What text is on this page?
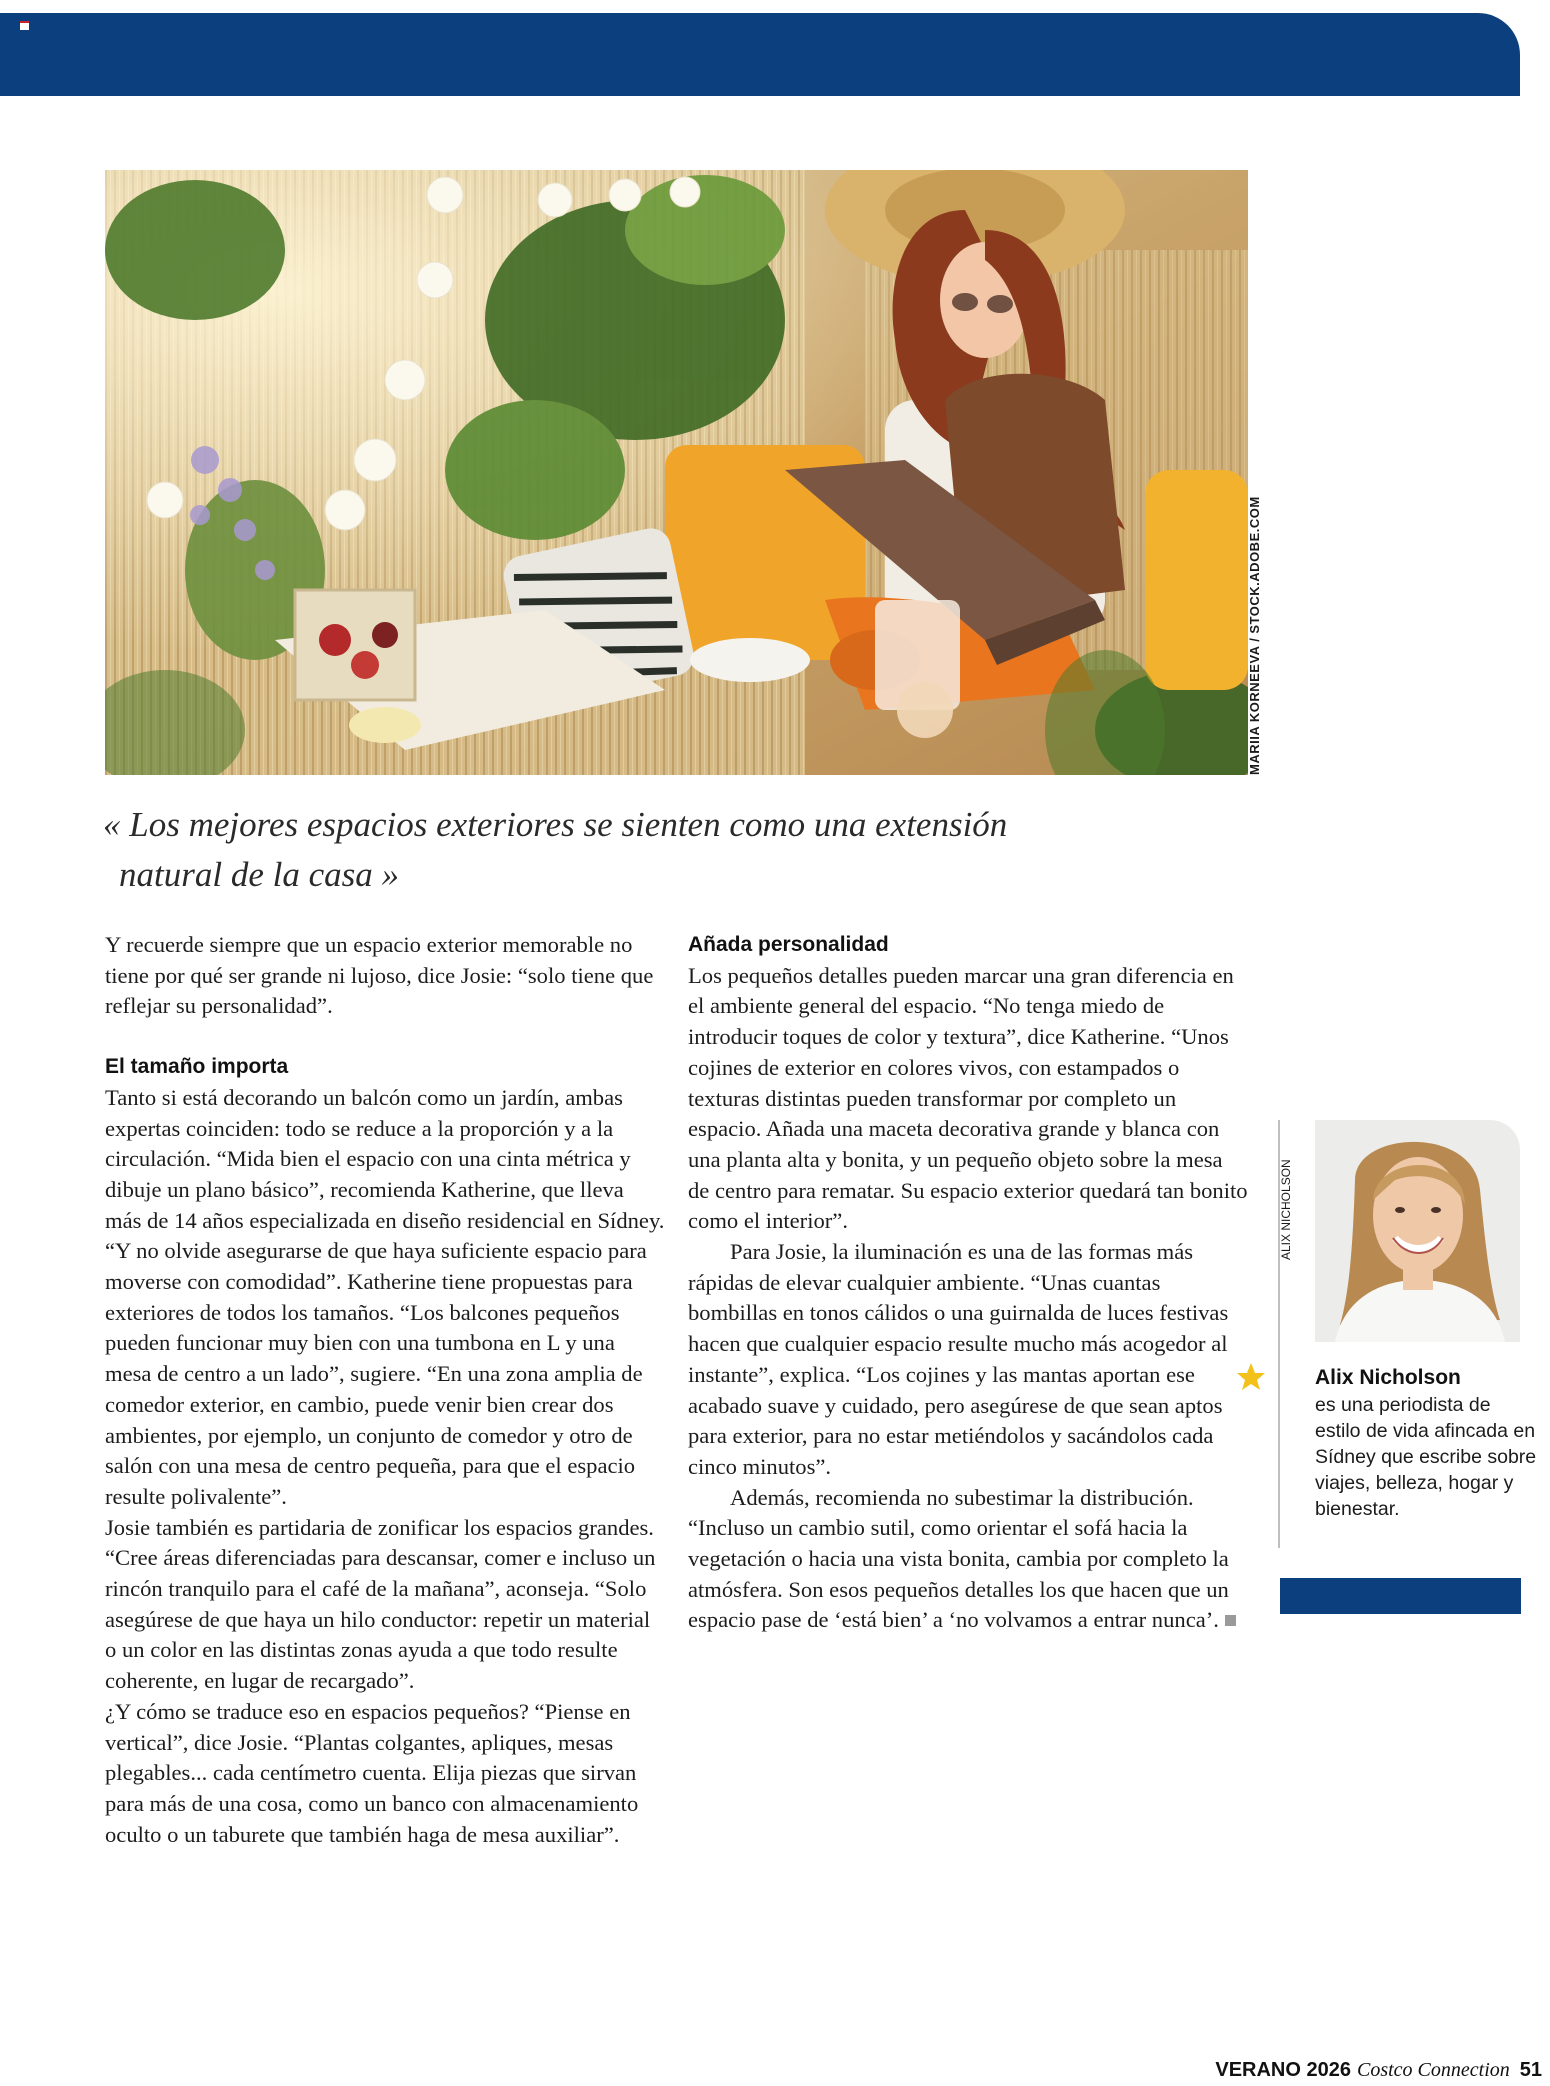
MARIIA KORNEEVA / STOCK.ADOBE.COM
« Los mejores espacios exteriores se sienten como una extensión
natural de la casa »

Y recuerde siempre que un espacio exterior memorable no tiene por qué ser grande ni lujoso, dice Josie: “solo tiene que reflejar su personalidad”.

El tamaño importa

Tanto si está decorando un balcón como un jardín, ambas expertas coinciden: todo se reduce a la proporción y a la circulación. “Mida bien el espacio con una cinta métrica y dibuje un plano básico”, recomienda Katherine, que lleva más de 14 años especializada en diseño residencial en Sídney. “Y no olvide asegurarse de que haya suficiente espacio para moverse con comodidad”. Katherine tiene propuestas para exteriores de todos los tamaños. “Los balcones pequeños pueden funcionar muy bien con una tumbona en L y una mesa de centro a un lado”, sugiere. “En una zona amplia de comedor exterior, en cambio, puede venir bien crear dos ambientes, por ejemplo, un conjunto de comedor y otro de salón con una mesa de centro pequeña, para que el espacio resulte polivalente”.

Josie también es partidaria de zonificar los espacios grandes. “Cree áreas diferenciadas para descansar, comer e incluso un rincón tranquilo para el café de la mañana”, aconseja. “Solo asegúrese de que haya un hilo conductor: repetir un material o un color en las distintas zonas ayuda a que todo resulte coherente, en lugar de recargado”.

¿Y cómo se traduce eso en espacios pequeños? “Piense en vertical”, dice Josie. “Plantas colgantes, apliques, mesas plegables... cada centímetro cuenta. Elija piezas que sirvan para más de una cosa, como un banco con almacenamiento oculto o un taburete que también haga de mesa auxiliar”.

Añada personalidad

Los pequeños detalles pueden marcar una gran diferencia en el ambiente general del espacio. “No tenga miedo de introducir toques de color y textura”, dice Katherine. “Unos cojines de exterior en colores vivos, con estampados o texturas distintas pueden transformar por completo un espacio. Añada una maceta decorativa grande y blanca con una planta alta y bonita, y un pequeño objeto sobre la mesa de centro para rematar. Su espacio exterior quedará tan bonito como el interior”.

Para Josie, la iluminación es una de las formas más rápidas de elevar cualquier ambiente. “Unas cuantas bombillas en tonos cálidos o una guirnalda de luces festivas hacen que cualquier espacio resulte mucho más acogedor al instante”, explica. “Los cojines y las mantas aportan ese acabado suave y cuidado, pero asegúrese de que sean aptos para exterior, para no estar metiéndolos y sacándolos cada cinco minutos”.

Además, recomienda no subestimar la distribución. “Incluso un cambio sutil, como orientar el sofá hacia la vegetación o hacia una vista bonita, cambia por completo la atmósfera. Son esos pequeños detalles los que hacen que un espacio pase de ‘está bien’ a ‘no volvamos a entrar nunca’.

ALIX NICHOLSON
Alix Nicholson
es una periodista de estilo de vida afincada en Sídney que escribe sobre viajes, belleza, hogar y bienestar.
VERANO 2026 Costco Connection 51
